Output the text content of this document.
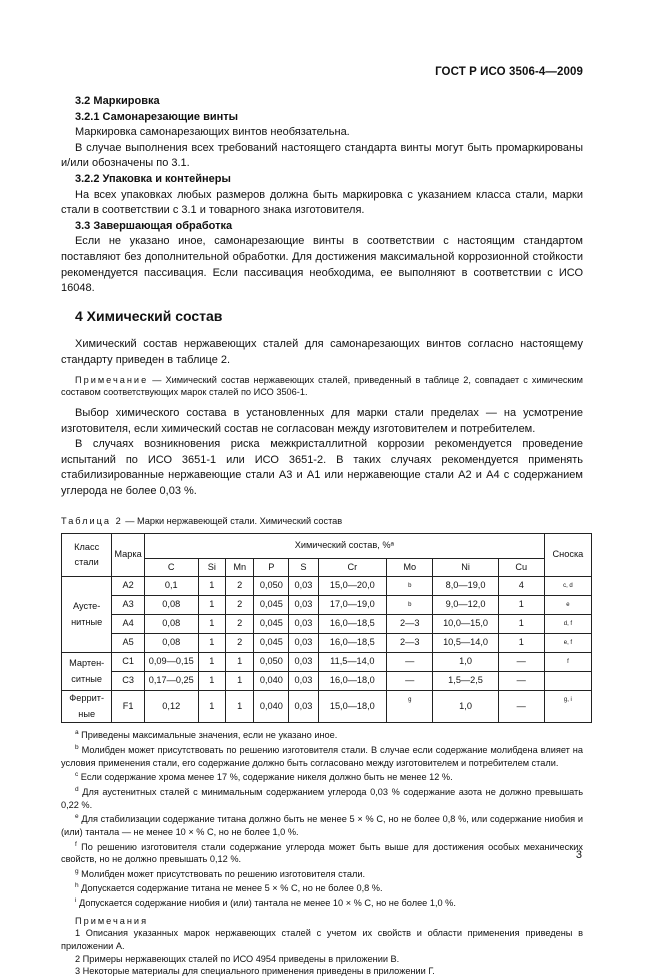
ГОСТ Р ИСО 3506-4—2009

3.2 Маркировка

3.2.1 Самонарезающие винты

Маркировка самонарезающих винтов необязательна.

В случае выполнения всех требований настоящего стандарта винты могут быть промаркированы и/или обозначены по 3.1.

3.2.2 Упаковка и контейнеры

На всех упаковках любых размеров должна быть маркировка с указанием класса стали, марки стали в соответствии с 3.1 и товарного знака изготовителя.

3.3 Завершающая обработка

Если не указано иное, самонарезающие винты в соответствии с настоящим стандартом поставляют без дополнительной обработки. Для достижения максимальной коррозионной стойкости рекомендуется пассивация. Если пассивация необходима, ее выполняют в соответствии с ИСО 16048.

4 Химический состав

Химический состав нержавеющих сталей для самонарезающих винтов согласно настоящему стандарту приведен в таблице 2.

Примечание — Химический состав нержавеющих сталей, приведенный в таблице 2, совпадает с химическим составом соответствующих марок сталей по ИСО 3506-1.

Выбор химического состава в установленных для марки стали пределах — на усмотрение изготовителя, если химический состав не согласован между изготовителем и потребителем.

В случаях возникновения риска межкристаллитной коррозии рекомендуется проведение испытаний по ИСО 3651-1 или ИСО 3651-2. В таких случаях рекомендуется применять стабилизированные нержавеющие стали А3 и А1 или нержавеющие стали А2 и А4 с содержанием углерода не более 0,03 %.

Таблица 2 — Марки нержавеющей стали. Химический состав
Класс стали	Марка	Химический состав, %ᵃ									Сноска
		C	Si	Mn	P	S	Cr	Mo	Ni	Cu	
Аусте-нитные	A2	0,1	1	2	0,050	0,03	15,0—20,0	b	8,0—19,0	4	c, d
	A3	0,08	1	2	0,045	0,03	17,0—19,0	b	9,0—12,0	1	e
	A4	0,08	1	2	0,045	0,03	16,0—18,5	2—3	10,0—15,0	1	d, f
	A5	0,08	1	2	0,045	0,03	16,0—18,5	2—3	10,5—14,0	1	e, f
Мартен-ситные	C1	0,09—0,15	1	1	0,050	0,03	11,5—14,0	—	1,0	—	f
	C3	0,17—0,25	1	1	0,040	0,03	16,0—18,0	—	1,5—2,5	—	
Феррит-ные	F1	0,12	1	1	0,040	0,03	15,0—18,0	g	1,0	—	g, i

$^a$ Приведены максимальные значения, если не указано иное.

$^b$ Молибден может присутствовать по решению изготовителя стали. В случае если содержание молибдена влияет на условия применения стали, его содержание должно быть согласовано между изготовителем и потребителем стали.

$^c$ Если содержание хрома менее 17 %, содержание никеля должно быть не менее 12 %.

$^d$ Для аустенитных сталей с минимальным содержанием углерода 0,03 % содержание азота не должно превышать 0,22 %.

$^e$ Для стабилизации содержание титана должно быть не менее 5 × % С, но не более 0,8 %, или содержание ниобия и (или) тантала — не менее 10 × % С, но не более 1,0 %.

$^f$ По решению изготовителя стали содержание углерода может быть выше для достижения особых механических свойств, но не должно превышать 0,12 %.

$^g$ Молибден может присутствовать по решению изготовителя стали.

$^h$ Допускается содержание титана не менее 5 × % С, но не более 0,8 %.

$^i$ Допускается содержание ниобия и (или) тантала не менее 10 × % С, но не более 1,0 %.

Примечания

1 Описания указанных марок нержавеющих сталей с учетом их свойств и области применения приведены в приложении А.

2 Примеры нержавеющих сталей по ИСО 4954 приведены в приложении В.

3 Некоторые материалы для специального применения приведены в приложении Г.

3
